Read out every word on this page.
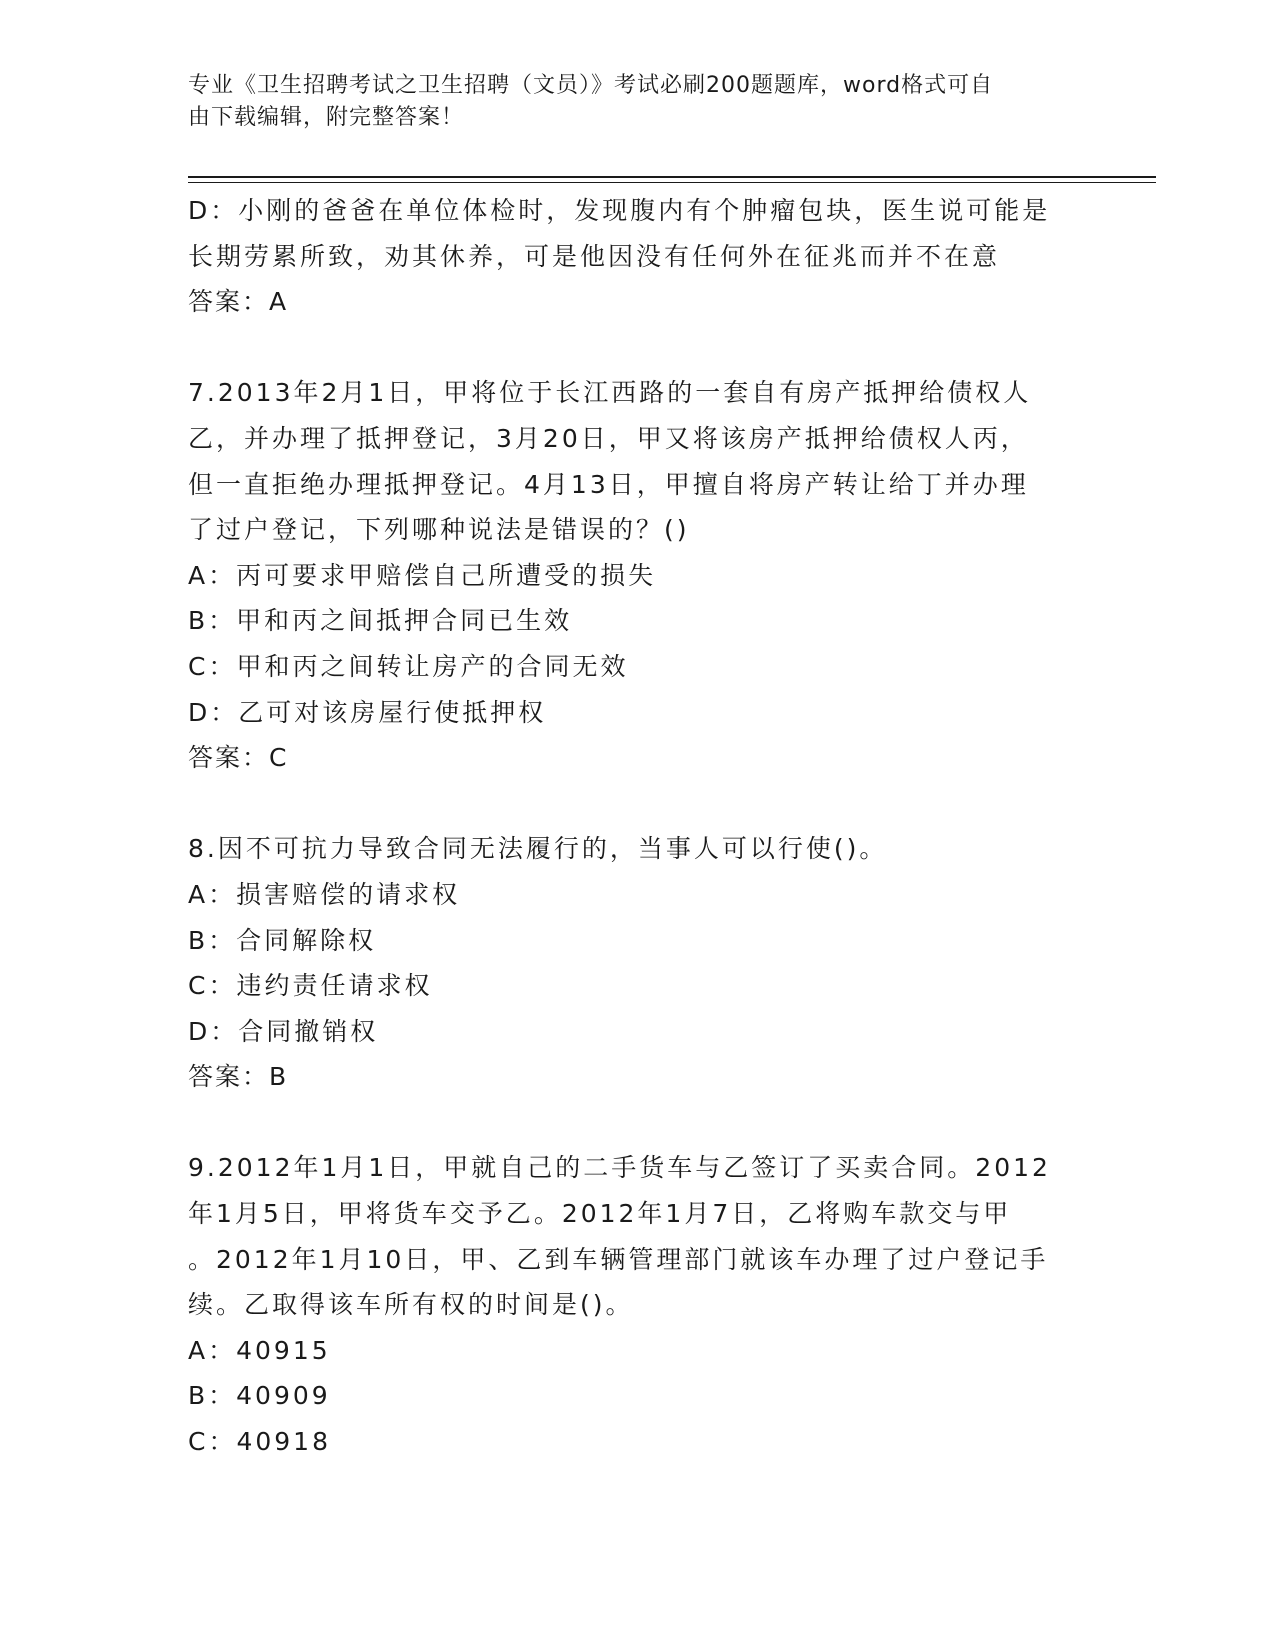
专业《卫生招聘考试之卫生招聘（文员）》考试必刷200题题库，word格式可自
由下载编辑，附完整答案！
D：小刚的爸爸在单位体检时，发现腹内有个肿瘤包块，医生说可能是
长期劳累所致，劝其休养，可是他因没有任何外在征兆而并不在意
答案：A
7.2013年2月1日，甲将位于长江西路的一套自有房产抵押给债权人
乙，并办理了抵押登记，3月20日，甲又将该房产抵押给债权人丙，
但一直拒绝办理抵押登记。4月13日，甲擅自将房产转让给丁并办理
了过户登记，下列哪种说法是错误的？()
A：丙可要求甲赔偿自己所遭受的损失
B：甲和丙之间抵押合同已生效
C：甲和丙之间转让房产的合同无效
D：乙可对该房屋行使抵押权
答案：C
8.因不可抗力导致合同无法履行的，当事人可以行使()。
A：损害赔偿的请求权
B：合同解除权
C：违约责任请求权
D：合同撤销权
答案：B
9.2012年1月1日，甲就自己的二手货车与乙签订了买卖合同。2012
年1月5日，甲将货车交予乙。2012年1月7日，乙将购车款交与甲
。2012年1月10日，甲、乙到车辆管理部门就该车办理了过户登记手
续。乙取得该车所有权的时间是()。
A：40915
B：40909
C：40918
